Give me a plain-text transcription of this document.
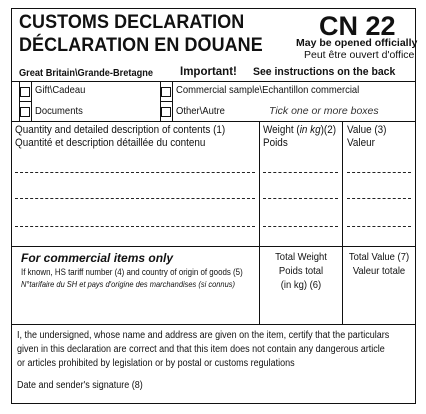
CUSTOMS DECLARATION
DÉCLARATION EN DOUANE
CN 22
May be opened officially
Peut être ouvert d'office
Great Britain\Grande-Bretagne Important! See instructions on the back
Gift\Cadeau
Documents
Commercial sample\Echantillon commercial
Other\Autre	Tick one or more boxes
Quantity and detailed description of contents (1)
Quantité et description détaillée du contenu
Weight (in kg)(2)
Poids
Value (3)
Valeur
For commercial items only
If known, HS tariff number (4) and country of origin of goods (5)
N°tarifaire du SH et pays d'origine des marchandises (si connus)
Total Weight
Poids total
(in kg) (6)
Total Value (7)
Valeur totale
I, the undersigned, whose name and address are given on the item, certify that the particulars
given in this declaration are correct and that this item does not contain any dangerous article
or articles prohibited by legislation or by postal or customs regulations
Date and sender's signature (8)
